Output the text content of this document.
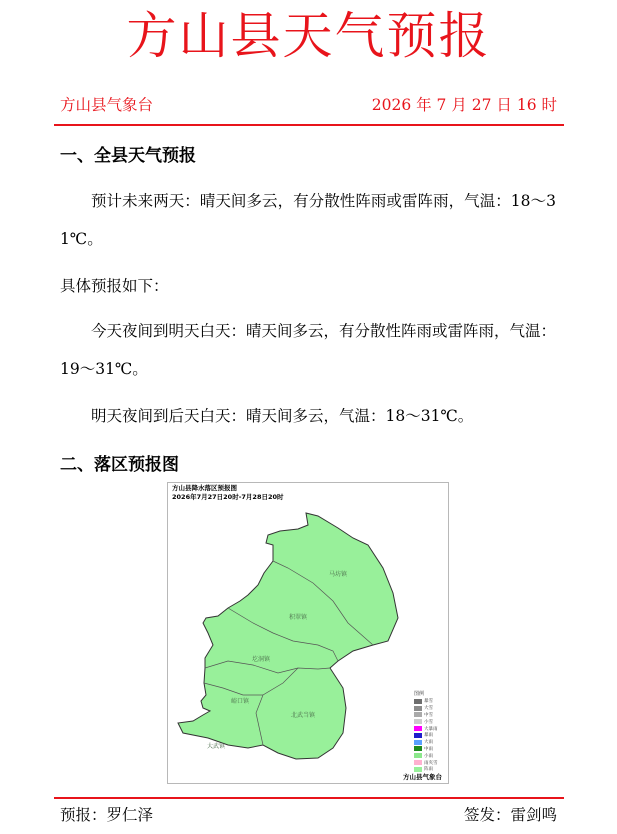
方山县天气预报
方山县气象台	2026 年 7 月 27 日 16 时
一、全县天气预报
预计未来两天：晴天间多云，有分散性阵雨或雷阵雨，气温：18～31℃。
具体预报如下：
今天夜间到明天白天：晴天间多云，有分散性阵雨或雷阵雨，气温：19～31℃。
明天夜间到后天白天：晴天间多云，气温：18～31℃。
二、落区预报图
方山县降水落区预报图
2026年7月27日20时-7月28日20时
马坊镇
积翠镇
圪洞镇
峪口镇
北武当镇
大武镇
图例
暴雪
大雪
中雪
小雪
大暴雨
暴雨
大雨
中雨
小雨
雨夹雪
阵雨
方山县气象台
预报：罗仁泽	签发：雷剑鸣
